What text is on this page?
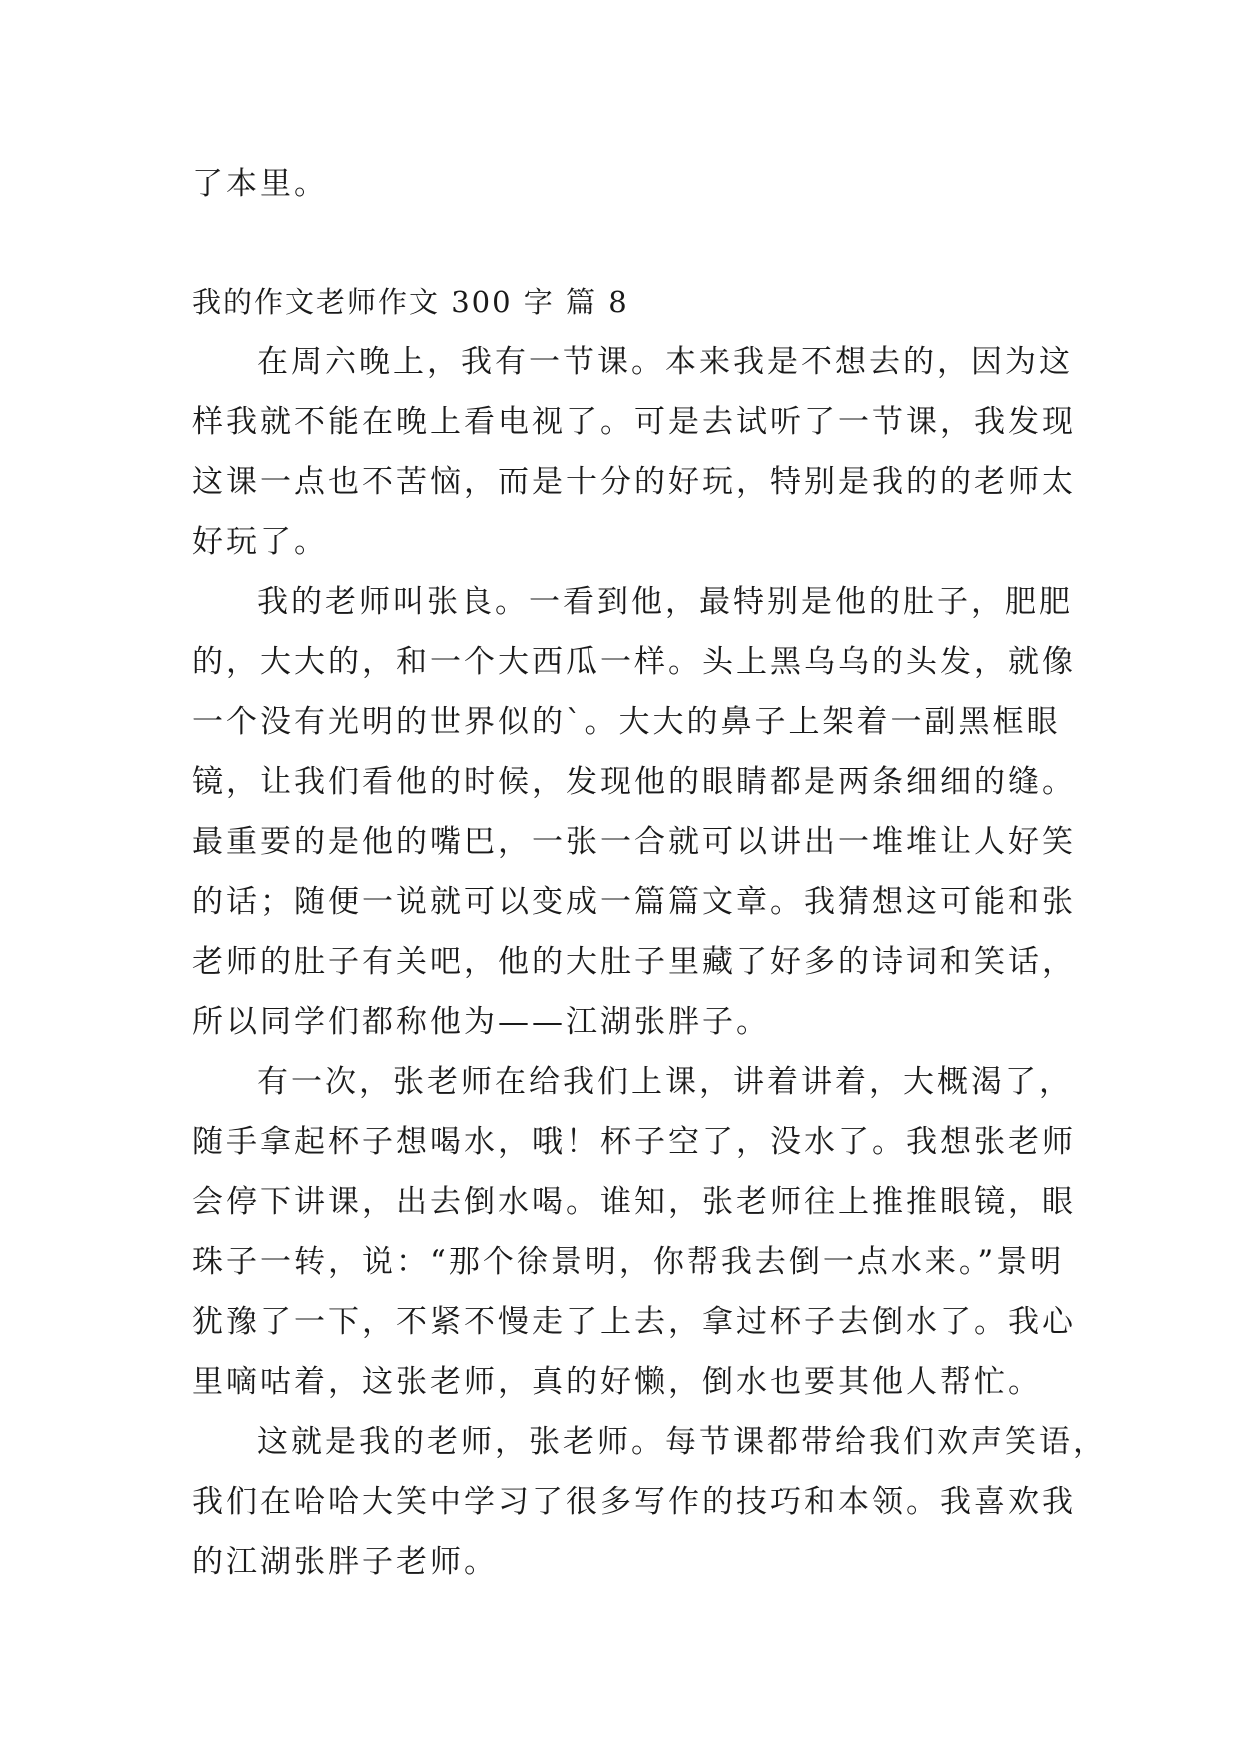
了本里。
我的作文老师作文 300 字 篇 8
在周六晚上，我有一节课。本来我是不想去的，因为这
样我就不能在晚上看电视了。可是去试听了一节课，我发现
这课一点也不苦恼，而是十分的好玩，特别是我的的老师太
好玩了。
我的老师叫张良。一看到他，最特别是他的肚子，肥肥
的，大大的，和一个大西瓜一样。头上黑乌乌的头发，就像
一个没有光明的世界似的`。大大的鼻子上架着一副黑框眼
镜，让我们看他的时候，发现他的眼睛都是两条细细的缝。
最重要的是他的嘴巴，一张一合就可以讲出一堆堆让人好笑
的话；随便一说就可以变成一篇篇文章。我猜想这可能和张
老师的肚子有关吧，他的大肚子里藏了好多的诗词和笑话，
所以同学们都称他为——江湖张胖子。
有一次，张老师在给我们上课，讲着讲着，大概渴了，
随手拿起杯子想喝水，哦！杯子空了，没水了。我想张老师
会停下讲课，出去倒水喝。谁知，张老师往上推推眼镜，眼
珠子一转，说：“那个徐景明，你帮我去倒一点水来。”景明
犹豫了一下，不紧不慢走了上去，拿过杯子去倒水了。我心
里嘀咕着，这张老师，真的好懒，倒水也要其他人帮忙。
这就是我的老师，张老师。每节课都带给我们欢声笑语，
我们在哈哈大笑中学习了很多写作的技巧和本领。我喜欢我
的江湖张胖子老师。
